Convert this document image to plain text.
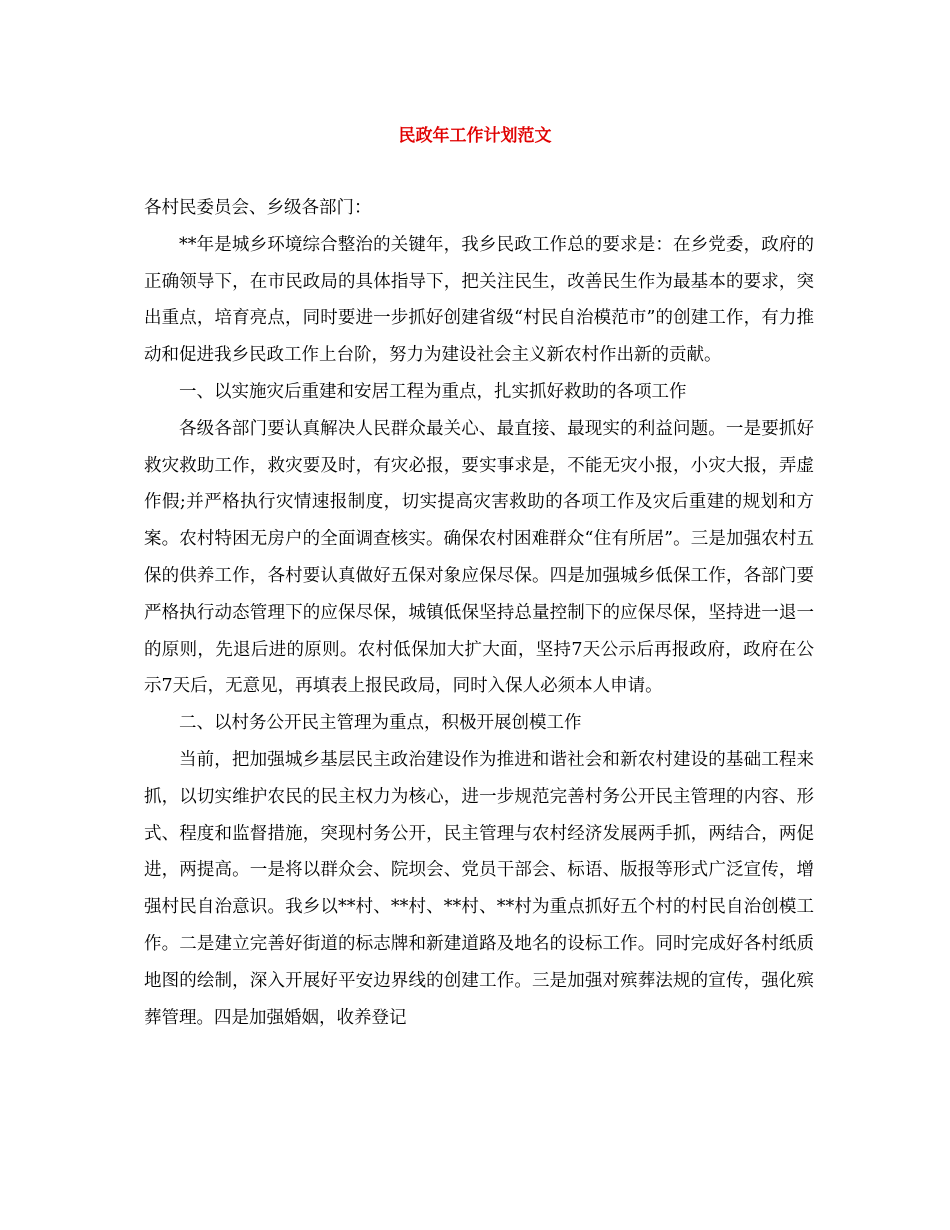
民政年工作计划范文

各村民委员会、乡级各部门：

**年是城乡环境综合整治的关键年，我乡民政工作总的要求是：在乡党委，政府的正确领导下，在市民政局的具体指导下，把关注民生，改善民生作为最基本的要求，突出重点，培育亮点，同时要进一步抓好创建省级“村民自治模范市”的创建工作，有力推动和促进我乡民政工作上台阶，努力为建设社会主义新农村作出新的贡献。

一、以实施灾后重建和安居工程为重点，扎实抓好救助的各项工作

各级各部门要认真解决人民群众最关心、最直接、最现实的利益问题。一是要抓好救灾救助工作，救灾要及时，有灾必报，要实事求是，不能无灾小报，小灾大报，弄虚作假;并严格执行灾情速报制度，切实提高灾害救助的各项工作及灾后重建的规划和方案。农村特困无房户的全面调查核实。确保农村困难群众“住有所居”。三是加强农村五保的供养工作，各村要认真做好五保对象应保尽保。四是加强城乡低保工作，各部门要严格执行动态管理下的应保尽保，城镇低保坚持总量控制下的应保尽保，坚持进一退一的原则，先退后进的原则。农村低保加大扩大面，坚持7天公示后再报政府，政府在公示7天后，无意见，再填表上报民政局，同时入保人必须本人申请。

二、以村务公开民主管理为重点，积极开展创模工作

当前，把加强城乡基层民主政治建设作为推进和谐社会和新农村建设的基础工程来抓，以切实维护农民的民主权力为核心，进一步规范完善村务公开民主管理的内容、形式、程度和监督措施，突现村务公开，民主管理与农村经济发展两手抓，两结合，两促进，两提高。一是将以群众会、院坝会、党员干部会、标语、版报等形式广泛宣传，增强村民自治意识。我乡以**村、**村、**村、**村为重点抓好五个村的村民自治创模工作。二是建立完善好街道的标志牌和新建道路及地名的设标工作。同时完成好各村纸质地图的绘制，深入开展好平安边界线的创建工作。三是加强对殡葬法规的宣传，强化殡葬管理。四是加强婚姻，收养登记
